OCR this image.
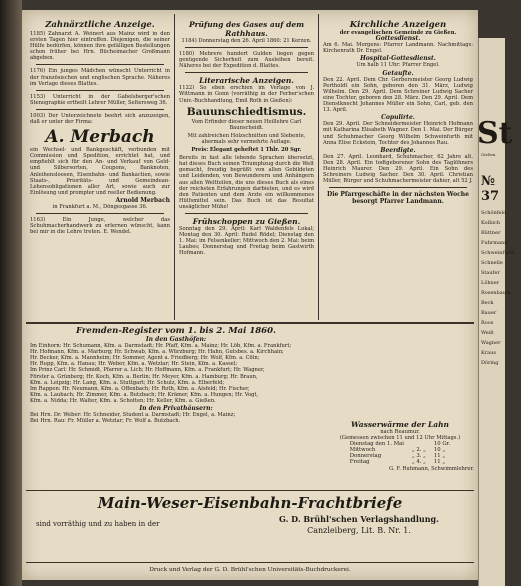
Zahnärztliche Anzeige.

1185) Zahnarzt A. Weinert aus Mainz wird in den ersten Tagen hier eintreffen. Diejenigen, die seiner Hülfe bedürfen, können ihre gefälligen Bestellungen schon früher bei Hrn. Bücheimacher Großmann abgeben.

1176) Ein junges Mädchen wünscht Unterricht in der französischen und englischen Sprache. Näheres im Verlage dieses Blattes.

1153) Unterricht in der Gabelsberger'schen Stenographie ertheilt Lehrer Müller, Seltersweg 36.

1003) Der Unterzeichnete beehrt sich anzuzeigen, daß er unter der Firma:

A. Merbach

ein Wechsel- und Bankgeschäft, verbunden mit Commission und Spedition, errichtet hat, und empfiehlt sich für den An- und Verkauf von Geld- und Silbersorten, Coupons, Banknoten, Anleihensloosen, Eisenbahn- und Bankactien, sowie Staats-, Prioritäts- und Gemeindean-Lehensobligationen aller Art, sowie auch zur Einlösung und prompter und reeller Bedienung.

Arnold Merbach
in Frankfurt a. M., Döngesgasse 36.

1163) Ein Junge, welcher das Schuhmacherhandwerk zu erlernen wünscht, kann bei mir in die Lehre treten. E. Wendel.

Prüfung des Gases auf dem Rathhaus.

1184) Donnerstag den 26. April 1860: 21 Kerzen.

1180) Mehrere hundert Gulden liegen gegen genügende Sicherheit zum Ausleihen bereit. Näheres bei der Expedition d. Blattes.

Literarische Anzeigen.

1122) So eben erschien im Verlage von J. Wittmann in Gonn (vorräthig in der Ferber'schen Univ.-Buchhandlung, Emil Roth in Gießen):

Bauunschiedtismus.

Vom Erfinder dieser neuen Heillehre Carl Baunscheidt.

Mit zahlreichen Holzschnitten und Siebente, abermals sehr vermehrte Auflage.

Preis: Elegant geheftet 1 Thlr. 20 Sgr.

Bereits in fast alle lebende Sprachen übersetzt, hat dieses Buch seinen Triumphzug durch die Welt gemacht, freudig begrüßt von allen Gebildeten und Leidenden, von Bewunderern und Anhängern aus allen Weltteilen, die uns dieses Buch als eines der reichsten Erfahrungen darbieten, und es wird den Patienten und dem Arzte ein willkommenes Hülfsmittel sein. Das Buch ist das Resultat unsäglicher Mühe!

Frühschoppen zu Gießen.

Sonntag den 29. April: Karl Waldenfels Lokal; Montag den 30. April: Rudel Rödel; Dienstag den 1. Mai: im Felsenkeller; Mittwoch den 2. Mai: beim Laubes; Donnerstag und Freitag beim Gastwirth Hofmann.

Kirchliche Anzeigen
der evangelischen Gemeinde zu Gießen.
Gottesdienst.

Am 6. Mai. Morgens: Pfarrer Landmann. Nachmittags: Kirchenrath Dr. Engel.

Hospital-Gottesdienst.

Um halb 11 Uhr: Pfarrer Engel.

Getaufte.

Den 22. April. Dem Chr. Gerbersmeister Georg Ludwig Pertholdt ein Sohn, geboren den 31. März, Ludwig Wilhelm. Den 29. April. Dem Schreiner Ludwig Sacher eine Tochter, geboren den 28. März. Den 29. April. Dem Dienstknecht Johannes Müller ein Sohn, Carl, geb. den 13. April.

Copulirte.

Den 29. April. Der Schneidermeister Heinrich Hofmann mit Katharina Elisabeth Wagner. Den 1. Mai. Der Bürger und Schuhmacher Georg Wilhelm Schweinfurth mit Anna Elise Eckstein, Tochter des Johannes Rau.

Beerdigte.

Den 27. April. Leonhard, Schuhmacher, 62 Jahre alt. Den 28. April. Ein todtgeborener Sohn des Taglöhners Heinrich Maurer. Den 29. April. Ein Sohn des Schreiners Ludwig Sacher. Den 30. April. Christian Müller, Bürger und Schuhmachermeister dahier, alt 52 J.

Die Pfarrgeschäfte in der nächsten Woche besorgt Pfarrer Landmann.

Fremden-Register vom 1. bis 2. Mai 1860.
In den Gasthöfen:
Im Einhorn: Hr. Schumann, Kfm. a. Darmstadt; Hr. Pfaff, Kfm. a. Mainz; Hr. Löb, Kfm. a. Frankfurt;
Hr. Hofmann, Kfm. a. Marburg; Hr. Schwab, Kfm. a. Würzburg; Hr. Hahn, Gutsbes. a. Kirchhain;
Hr. Becker, Kfm. a. Mannheim; Hr. Sommer, Agent a. Friedberg; Hr. Wolf, Kfm. a. Cöln;
Hr. Rupp, Kfm. a. Hanau; Hr. Weber, Kfm. a. Wetzlar; Hr. Stein, Kfm. a. Kassel;
Im Prinz Carl: Hr. Schmidt, Pfarrer a. Lich; Hr. Hoffmann, Kfm. a. Frankfurt; Hr. Wagner,
Förster a. Grünberg; Hr. Koch, Kfm. a. Berlin; Hr. Meyer, Kfm. a. Hamburg; Hr. Braun,
Kfm. a. Leipzig; Hr. Lang, Kfm. a. Stuttgart; Hr. Schulz, Kfm. a. Elberfeld;
Im Rappen: Hr. Neumann, Kfm. a. Offenbach; Hr. Roth, Kfm. a. Alsfeld; Hr. Fischer,
Kfm. a. Laubach; Hr. Zimmer, Kfm. a. Butzbach; Hr. Krämer, Kfm. a. Hungen; Hr. Vogt,
Kfm. a. Nidda; Hr. Walter, Kfm. a. Schotten; Hr. Keller, Kfm. a. Gießen.
In den Privathäusern:
Bei Hrn. Dr. Weber: Hr. Schneider, Student a. Darmstadt; Hr. Engel, a. Mainz;
Bei Hrn. Rau: Fr. Müller a. Wetzlar; Fr. Wolf a. Butzbach.	Wasserwärme der Lahn
nach Reaumur.
(Gemessen zwischen 11 und 12 Uhr Mittags.)
Dienstag den 1. Mai		10 Gr.
Mittwoch	„ 2. „	10 „
Donnerstag	„ 3. „	11 „
Freitag	„ 4. „	11 „
G. F. Ruhmann, Schwimmlehrer.
Main-Weser-Eisenbahn-Frachtbriefe
sind vorräthig und zu haben in der	G. D. Brühl'schen Verlagshandlung.
Canzleiberg, Lit. B. Nr. 1.
Druck und Verlag der G. D. Brühl'schen Universitäts-Buchdruckerei.
St
Gießen
№ 37
Schönfeld
Kolbich
Büttner
Fuhrmann
Schweinfurth
Schnelle
Staufer
Löhner
Rosenbaum
Beck
Bauer
Roos
Weiß
Wagner
Kraus
Döring
